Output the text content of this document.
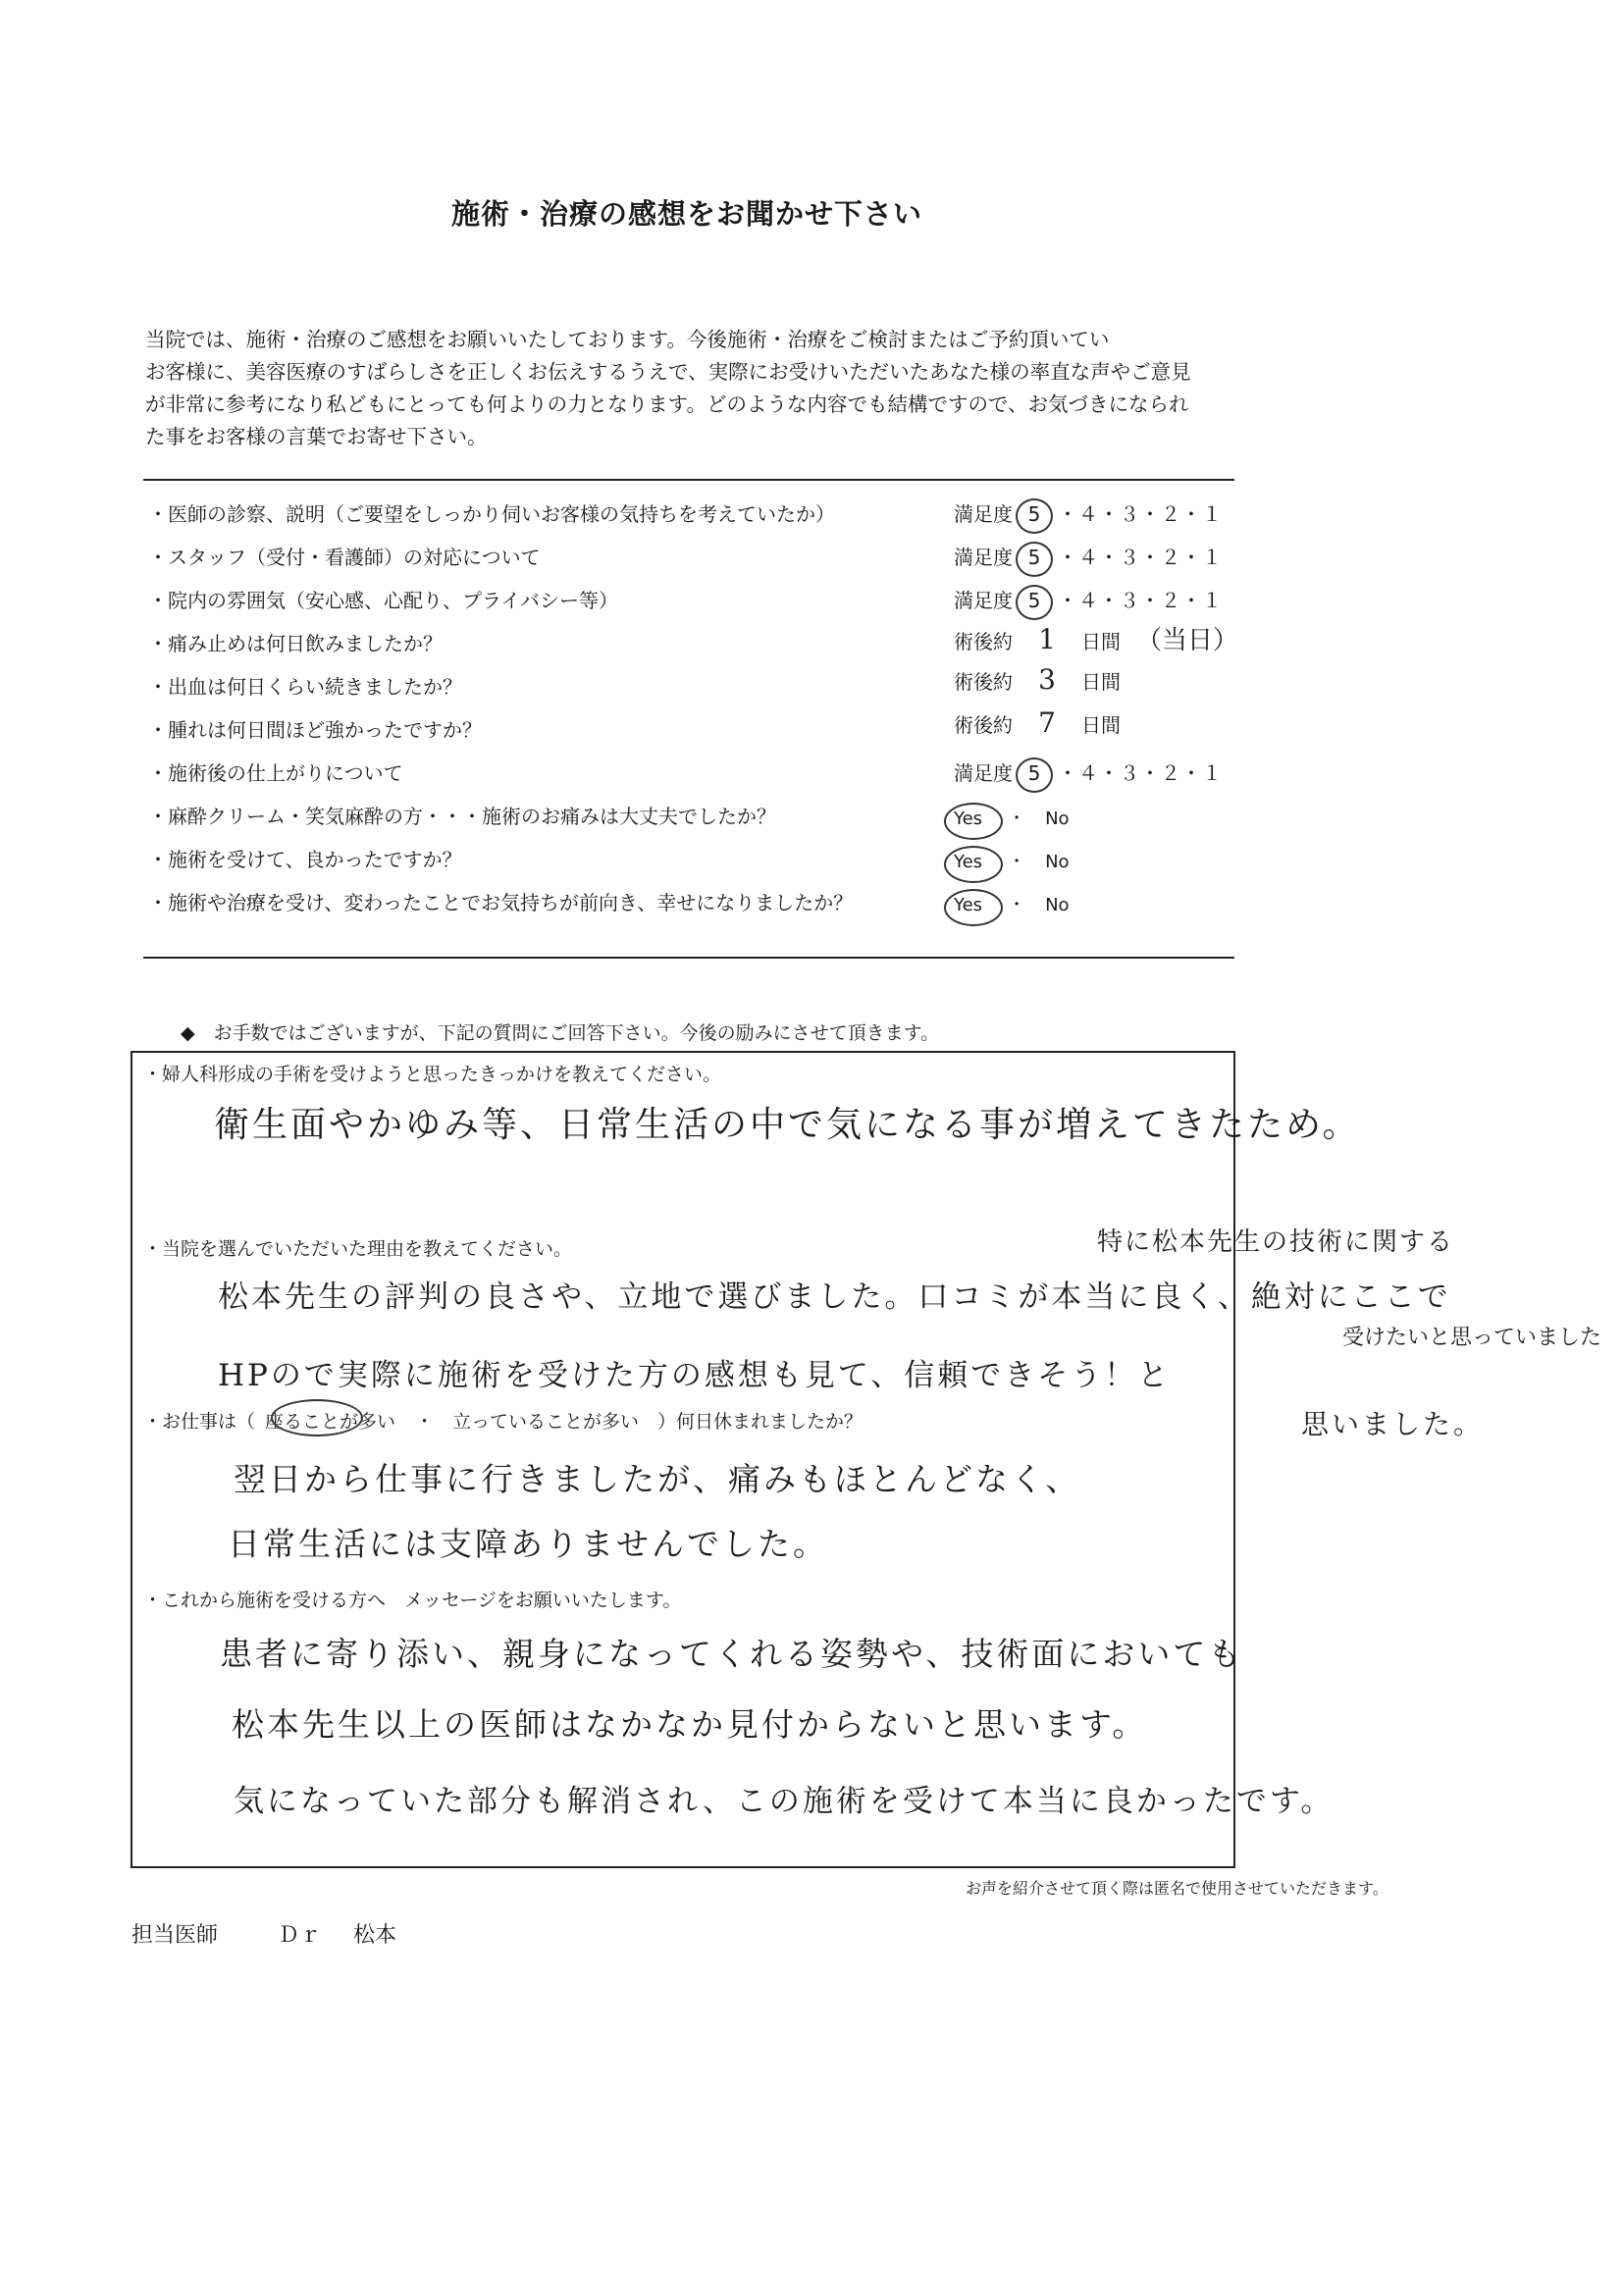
施術・治療の感想をお聞かせ下さい
当院では、施術・治療のご感想をお願いいたしております。今後施術・治療をご検討またはご予約頂いてい
お客様に、美容医療のすばらしさを正しくお伝えするうえで、実際にお受けいただいたあなた様の率直な声やご意見
が非常に参考になり私どもにとっても何よりの力となります。どのような内容でも結構ですので、お気づきになられ
た事をお客様の言葉でお寄せ下さい。
・医師の診察、説明（ご要望をしっかり伺いお客様の気持ちを考えていたか）
・スタッフ（受付・看護師）の対応について
・院内の雰囲気（安心感、心配り、プライバシー等）
・痛み止めは何日飲みましたか？
・出血は何日くらい続きましたか？
・腫れは何日間ほど強かったですか？
・施術後の仕上がりについて
・麻酔クリーム・笑気麻酔の方・・・施術のお痛みは大丈夫でしたか？
・施術を受けて、良かったですか？
・施術や治療を受け、変わったことでお気持ちが前向き、幸せになりましたか？
満足度 5 ・４・３・２・１
満足度 5 ・４・３・２・１
満足度 5 ・４・３・２・１
術後約 1 日間 （当日）
術後約 3 日間
術後約 7 日間
満足度 5 ・４・３・２・１
Yes ・ No
Yes ・ No
Yes ・ No
◆　お手数ではございますが、下記の質問にご回答下さい。今後の励みにさせて頂きます。
・婦人科形成の手術を受けようと思ったきっかけを教えてください。
衛生面やかゆみ等、日常生活の中で気になる事が増えてきたため。
・当院を選んでいただいた理由を教えてください。	特に松本先生の技術に関する
松本先生の評判の良さや、立地で選びました。口コミが本当に良く、絶対にここで
HPので実際に施術を受けた方の感想も見て、信頼できそう！と
受けたいと思っていました
思いました。
・お仕事は（ 座ることが多い ・　立っていることが多い　）何日休まれましたか？
翌日から仕事に行きましたが、痛みもほとんどなく、
日常生活には支障ありませんでした。
・これから施術を受ける方へ　メッセージをお願いいたします。
患者に寄り添い、親身になってくれる姿勢や、技術面においても
松本先生以上の医師はなかなか見付からないと思います。
気になっていた部分も解消され、この施術を受けて本当に良かったです。
お声を紹介させて頂く際は匿名で使用させていただきます。
担当医師	Ｄｒ 松本
